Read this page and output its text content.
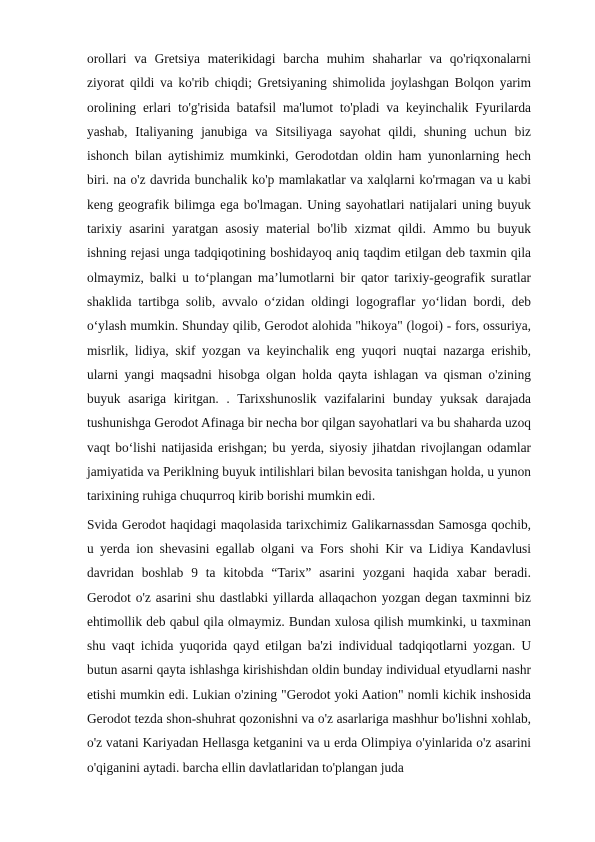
orollari va Gretsiya materikidagi barcha muhim shaharlar va qo'riqxonalarni ziyorat qildi va ko'rib chiqdi; Gretsiyaning shimolida joylashgan Bolqon yarim orolining erlari to'g'risida batafsil ma'lumot to'pladi va keyinchalik Fyurilarda yashab, Italiyaning janubiga va Sitsiliyaga sayohat qildi, shuning uchun biz ishonch bilan aytishimiz mumkinki, Gerodotdan oldin ham yunonlarning hech biri. na o'z davrida bunchalik ko'p mamlakatlar va xalqlarni ko'rmagan va u kabi keng geografik bilimga ega bo'lmagan. Uning sayohatlari natijalari uning buyuk tarixiy asarini yaratgan asosiy material bo'lib xizmat qildi. Ammo bu buyuk ishning rejasi unga tadqiqotining boshidayoq aniq taqdim etilgan deb taxmin qila olmaymiz, balki u to‘plangan ma’lumotlarni bir qator tarixiy-geografik suratlar shaklida tartibga solib, avvalo o‘zidan oldingi logograflar yo‘lidan bordi, deb o‘ylash mumkin. Shunday qilib, Gerodot alohida "hikoya" (logoi) - fors, ossuriya, misrlik, lidiya, skif yozgan va keyinchalik eng yuqori nuqtai nazarga erishib, ularni yangi maqsadni hisobga olgan holda qayta ishlagan va qisman o'zining buyuk asariga kiritgan. . Tarixshunoslik vazifalarini bunday yuksak darajada tushunishga Gerodot Afinaga bir necha bor qilgan sayohatlari va bu shaharda uzoq vaqt bo‘lishi natijasida erishgan; bu yerda, siyosiy jihatdan rivojlangan odamlar jamiyatida va Periklning buyuk intilishlari bilan bevosita tanishgan holda, u yunon tarixining ruhiga chuqurroq kirib borishi mumkin edi.

Svida Gerodot haqidagi maqolasida tarixchimiz Galikarnassdan Samosga qochib, u yerda ion shevasini egallab olgani va Fors shohi Kir va Lidiya Kandavlusi davridan boshlab 9 ta kitobda “Tarix” asarini yozgani haqida xabar beradi. Gerodot o'z asarini shu dastlabki yillarda allaqachon yozgan degan taxminni biz ehtimollik deb qabul qila olmaymiz. Bundan xulosa qilish mumkinki, u taxminan shu vaqt ichida yuqorida qayd etilgan ba'zi individual tadqiqotlarni yozgan. U butun asarni qayta ishlashga kirishishdan oldin bunday individual etyudlarni nashr etishi mumkin edi. Lukian o'zining "Gerodot yoki Aation" nomli kichik inshosida Gerodot tezda shon-shuhrat qozonishni va o'z asarlariga mashhur bo'lishni xohlab, o'z vatani Kariyadan Hellasga ketganini va u erda Olimpiya o'yinlarida o'z asarini o'qiganini aytadi. barcha ellin davlatlaridan to'plangan juda
